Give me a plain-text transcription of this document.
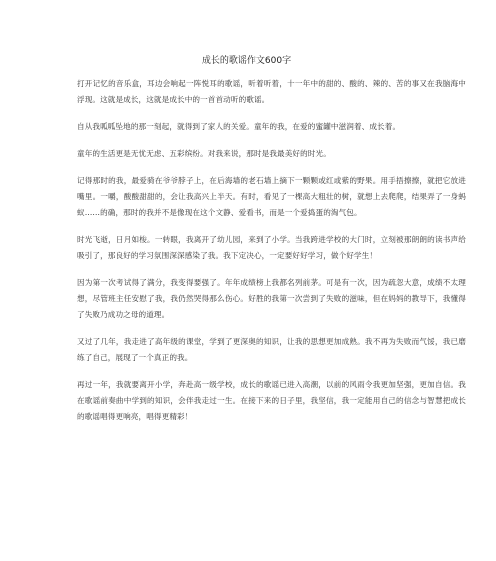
成长的歌谣作文600字

打开记忆的音乐盒，耳边会响起一阵悦耳的歌谣，听着听着，十一年中的甜的、酸的、辣的、苦的事又在我脑海中浮现。这就是成长，这就是成长中的一首首动听的歌谣。

自从我呱呱坠地的那一刻起，就得到了家人的关爱。童年的我，在爱的蜜罐中滋润着、成长着。

童年的生活更是无忧无虑、五彩缤纷。对我来说，那时是我最美好的时光。

记得那时的我，最爱骑在爷爷脖子上，在后海墙的老石墙上摘下一颗颗或红或紫的野果。用手捂擦擦，就把它放进嘴里。一嚼，酸酸甜甜的，会让我高兴上半天。有时，看见了一棵高大粗壮的树，就想上去爬爬，结果弄了一身蚂蚁……的确，那时的我并不是像现在这个文静、爱看书，而是一个爱捣蛋的淘气包。

时光飞逝，日月如梭。一转眼，我离开了幼儿园，来到了小学。当我跨进学校的大门时，立刻被那朗朗的读书声给吸引了，那良好的学习氛围深深感染了我。我下定决心，一定要好好学习，做个好学生！

因为第一次考试得了满分，我变得要强了。年年成绩榜上我都名列前茅。可是有一次，因为疏忽大意，成绩不太理想，尽管班主任安慰了我，我仍然哭得那么伤心。好胜的我第一次尝到了失败的滋味，但在妈妈的教导下，我懂得了失败乃成功之母的道理。

又过了几年，我走进了高年级的课堂，学到了更深奥的知识，让我的思想更加成熟。我不再为失败而气馁，我已磨练了自己，展现了一个真正的我。

再过一年，我就要离开小学，奔赴高一级学校，成长的歌谣已进入高潮，以前的风雨令我更加坚强，更加自信。我在歌谣前奏曲中学到的知识，会伴我走过一生。在接下来的日子里，我坚信，我一定能用自己的信念与智慧把成长的歌谣唱得更响亮，唱得更精彩！
